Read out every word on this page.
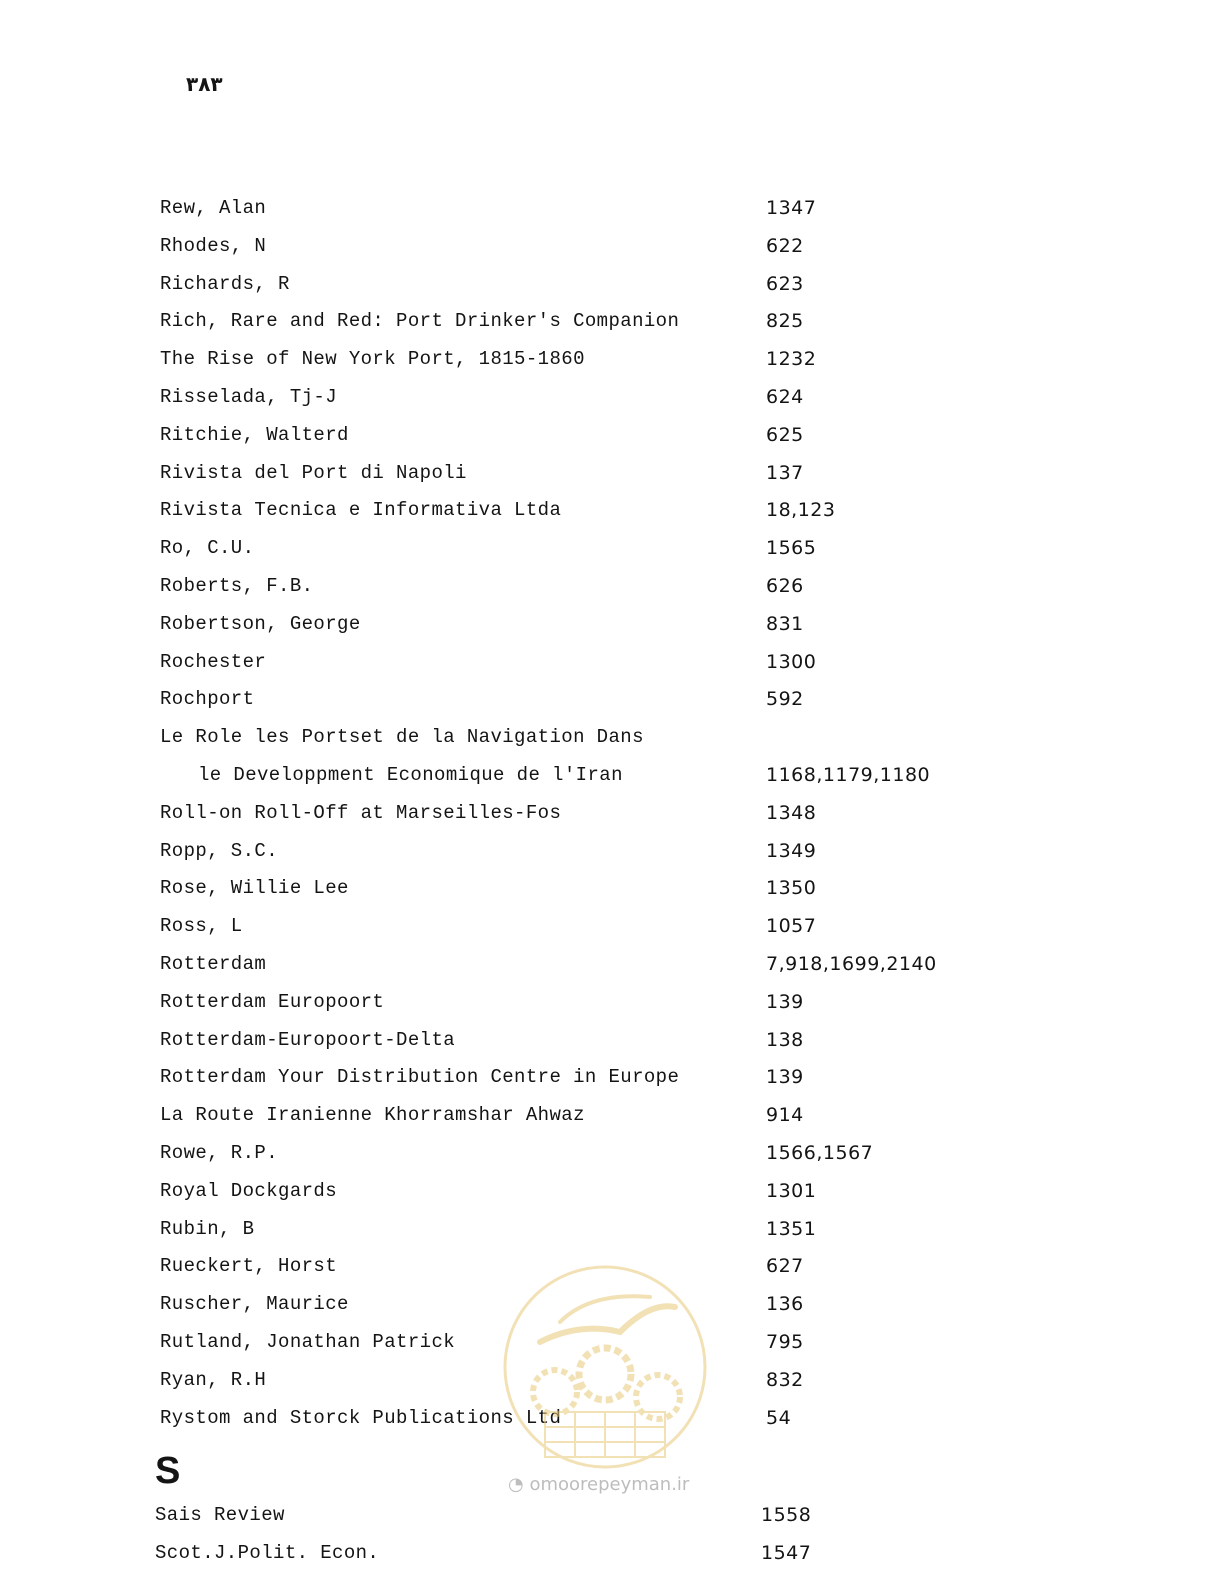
۳۸۳
Rew, Alan	1347
Rhodes, N	622
Richards, R	623
Rich, Rare and Red: Port Drinker's Companion	825
The Rise of New York Port, 1815-1860	1232
Risselada, Tj-J	624
Ritchie, Walterd	625
Rivista del Port di Napoli	137
Rivista Tecnica e Informativa Ltda	18,123
Ro, C.U.	1565
Roberts, F.B.	626
Robertson, George	831
Rochester	1300
Rochport	592
Le Role les Portset de la Navigation Dans
le Developpment Economique de l'Iran	1168,1179,1180
Roll-on Roll-Off at Marseilles-Fos	1348
Ropp, S.C.	1349
Rose, Willie Lee	1350
Ross, L	1057
Rotterdam	7,918,1699,2140
Rotterdam Europoort	139
Rotterdam-Europoort-Delta	138
Rotterdam Your Distribution Centre in Europe	139
La Route Iranienne Khorramshar Ahwaz	914
Rowe, R.P.	1566,1567
Royal Dockgards	1301
Rubin, B	1351
Rueckert, Horst	627
Ruscher, Maurice	136
Rutland, Jonathan Patrick	795
Ryan, R.H	832
Rystom and Storck Publications Ltd	54
◔ omoorepeyman.ir
S
Sais Review	1558
Scot.J.Polit. Econ.	1547
